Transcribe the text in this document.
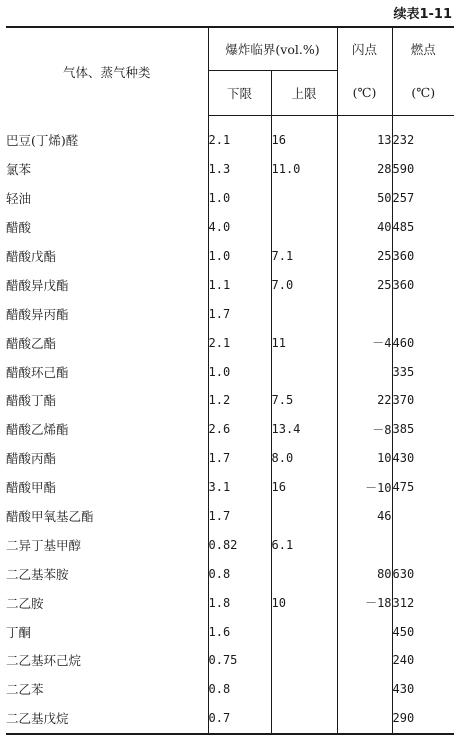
续表1-11
气体、蒸气种类	爆炸临界(vol.%)		闪点	燃点
	下限	上限	(℃)	(℃)
巴豆(丁烯)醛	2.1	16	13	232
氯苯	1.3	11.0	28	590
轻油	1.0		50	257
醋酸	4.0		40	485
醋酸戊酯	1.0	7.1	25	360
醋酸异戊酯	1.1	7.0	25	360
醋酸异丙酯	1.7			
醋酸乙酯	2.1	11	－4	460
醋酸环己酯	1.0			335
醋酸丁酯	1.2	7.5	22	370
醋酸乙烯酯	2.6	13.4	－8	385
醋酸丙酯	1.7	8.0	10	430
醋酸甲酯	3.1	16	－10	475
醋酸甲氧基乙酯	1.7		46	
二异丁基甲醇	0.82	6.1		
二乙基苯胺	0.8		80	630
二乙胺	1.8	10	－18	312
丁酮	1.6			450
二乙基环己烷	0.75			240
二乙苯	0.8			430
二乙基戊烷	0.7			290
